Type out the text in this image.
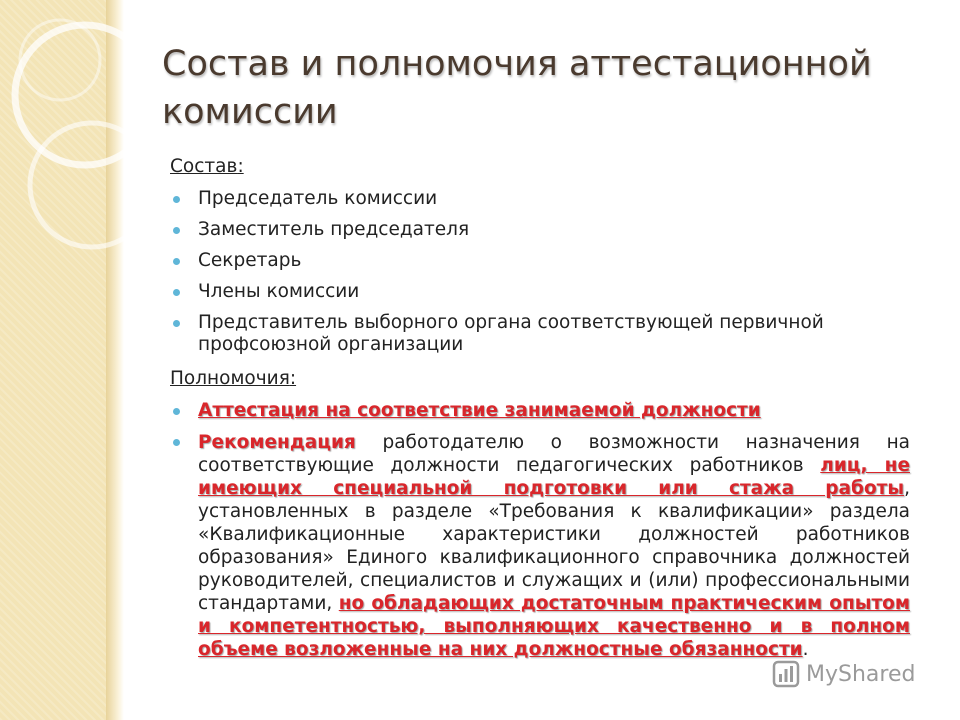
Состав и полномочия аттестационной комиссии
Состав:
Председатель комиссии
Заместитель председателя
Секретарь
Члены комиссии
Представитель выборного органа соответствующей первичной профсоюзной организации
Полномочия:
Аттестация на соответствие занимаемой должности
Рекомендация работодателю о возможности назначения на соответствующие должности педагогических работников лиц, не имеющих специальной подготовки или стажа работы, установленных в разделе «Требования к квалификации» раздела «Квалификационные характеристики должностей работников образования» Единого квалификационного справочника должностей руководителей, специалистов и служащих и (или) профессиональными стандартами, но обладающих достаточным практическим опытом и компетентностью, выполняющих качественно и в полном объеме возложенные на них должностные обязанности.
MyShared
